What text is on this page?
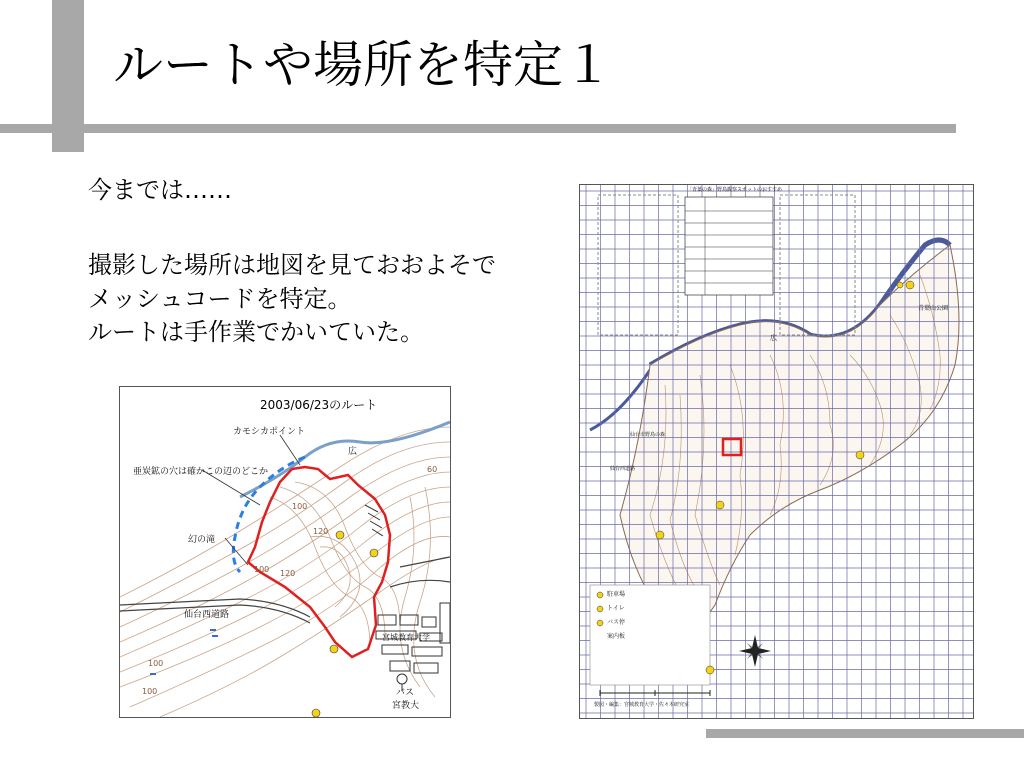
ルートや場所を特定１
今までは……
撮影した場所は地図を見ておおよそで
メッシュコードを特定。
ルートは手作業でかいていた。
2003/06/23のルート
カモシカポイント
亜炭鉱の穴は確かこの辺のどこか
幻の滝
仙台西道路
広
宮城教育大学
バス
宮教大
120
100 120
100
100
60
100
「青葉の森」野鳥観察スポットのおすすめ
駐車場
トイレ
バス停
案内板
製図・編集：宮城教育大学・佐々木研究室
青葉山公園
広
仙台市野鳥の森
仙台西道路
